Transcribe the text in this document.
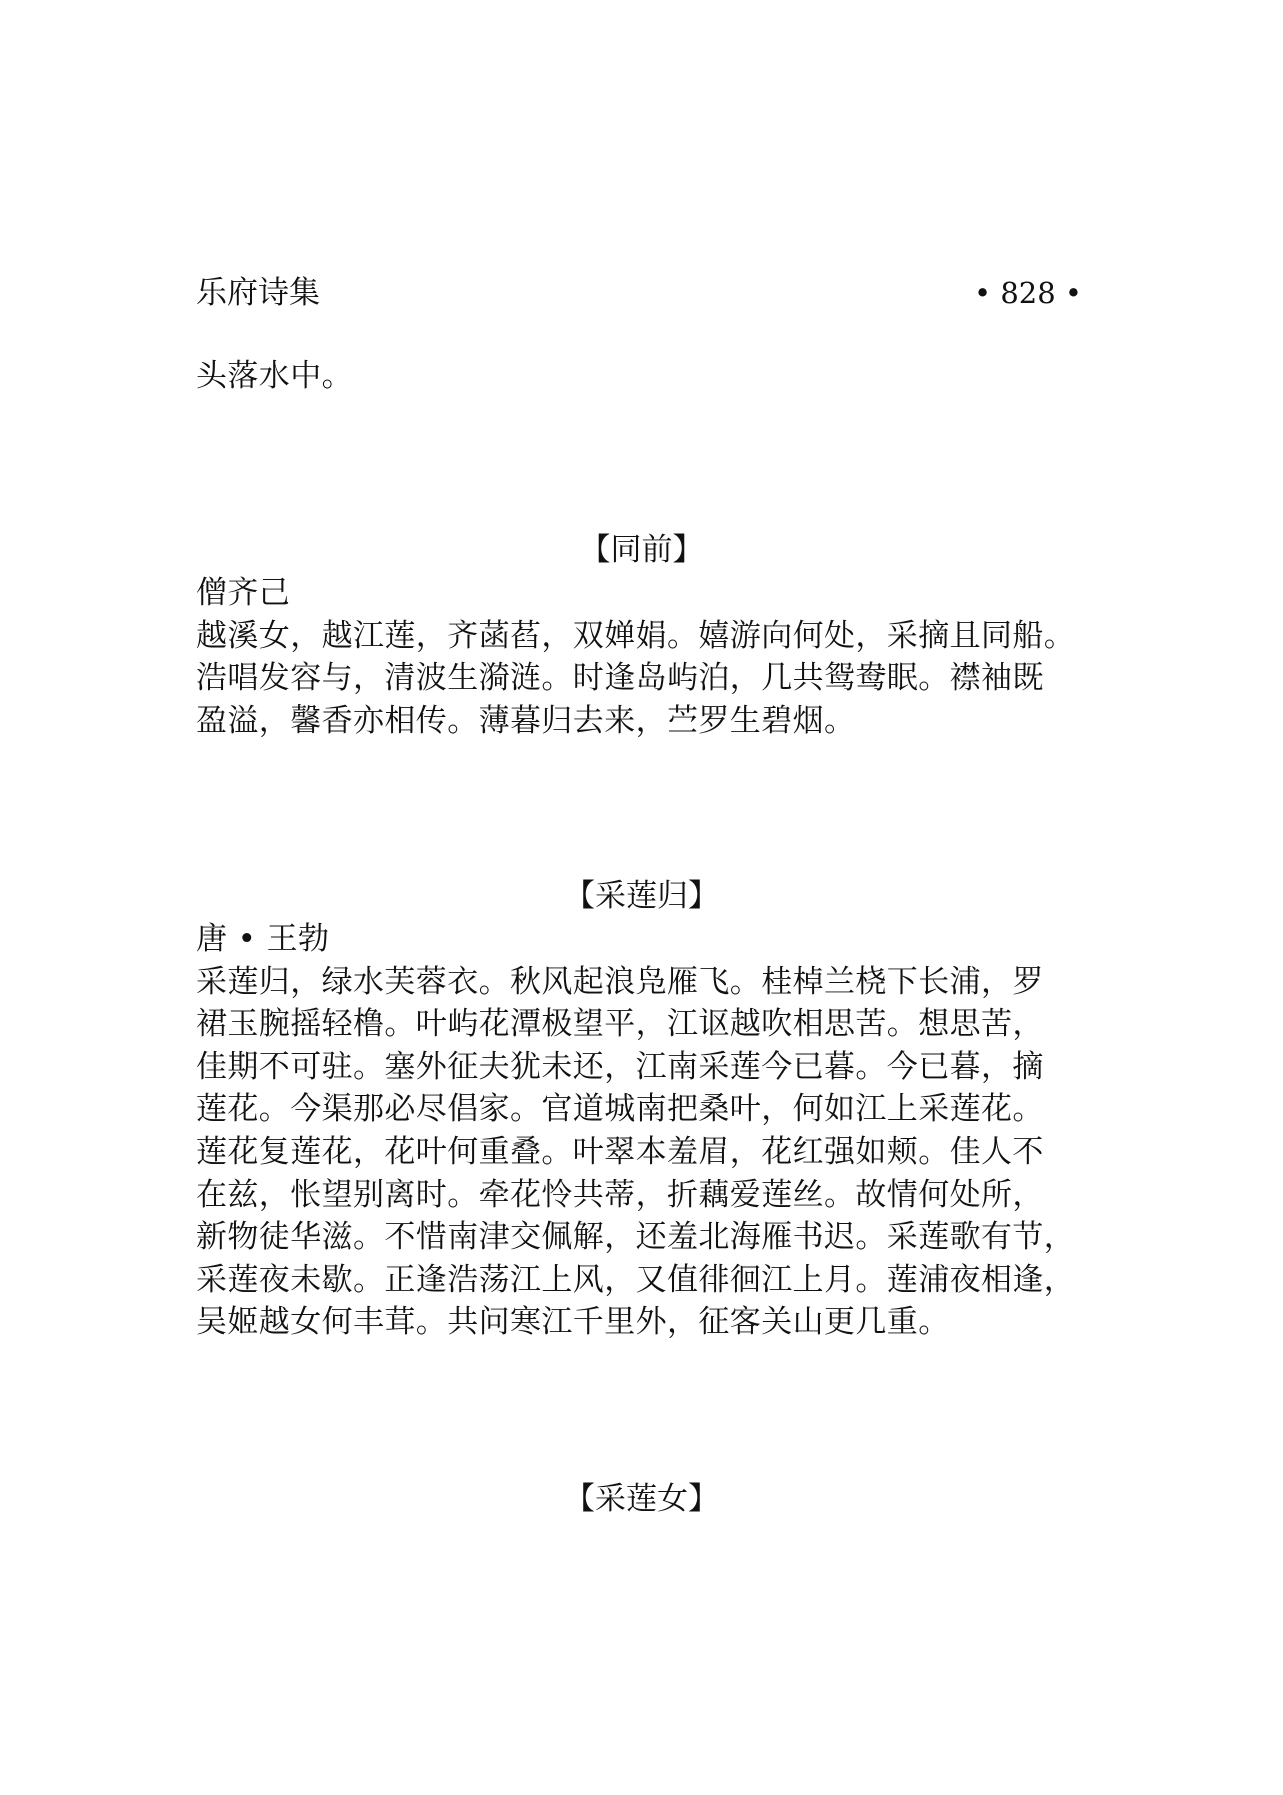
乐府诗集	• 828 •
头落水中。
【同前】
僧齐己
越溪女，越江莲，齐菡萏，双婵娟。嬉游向何处，采摘且同船。
浩唱发容与，清波生漪涟。时逢岛屿泊，几共鸳鸯眠。襟袖既
盈溢，馨香亦相传。薄暮归去来，苎罗生碧烟。
【采莲归】
唐 • 王勃
采莲归，绿水芙蓉衣。秋风起浪凫雁飞。桂棹兰桡下长浦，罗
裙玉腕摇轻橹。叶屿花潭极望平，江讴越吹相思苦。想思苦，
佳期不可驻。塞外征夫犹未还，江南采莲今已暮。今已暮，摘
莲花。今渠那必尽倡家。官道城南把桑叶，何如江上采莲花。
莲花复莲花，花叶何重叠。叶翠本羞眉，花红强如颊。佳人不
在兹，怅望别离时。牵花怜共蒂，折藕爱莲丝。故情何处所，
新物徒华滋。不惜南津交佩解，还羞北海雁书迟。采莲歌有节，
采莲夜未歇。正逢浩荡江上风，又值徘徊江上月。莲浦夜相逢，
吴姬越女何丰茸。共问寒江千里外，征客关山更几重。
【采莲女】
